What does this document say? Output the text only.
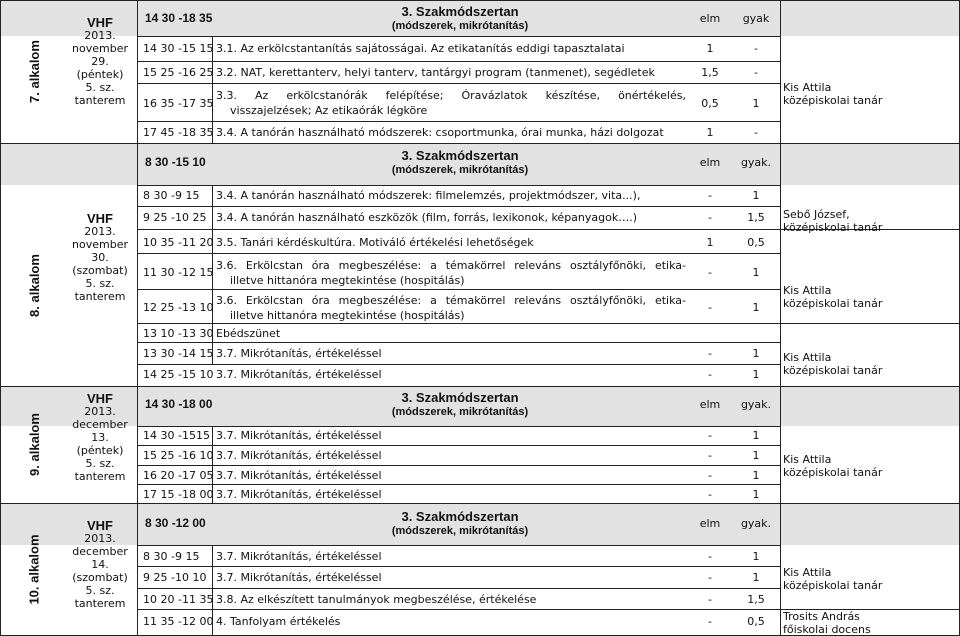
7. alkalom
VHF
2013.
november
29.
(péntek)
5. sz.
tanterem
14 30 -18 35	3. Szakmódszertan
(módszerek, mikrótanítás)
elm	gyak
14 30 -15 15 3.1. Az erkölcstantanítás sajátosságai. Az etikatanítás eddigi tapasztalatai	1	-
15 25 -16 25 3.2. NAT, kerettanterv, helyi tanterv, tantárgyi program (tanmenet), segédletek	1,5	-
16 35 -17 35
3.3. Az erkölcstanórák felépítése; Óravázlatok készítése, önértékelés,
visszajelzések; Az etikaórák légköre
0,5	1
17 45 -18 35 3.4. A tanórán használható módszerek: csoportmunka, órai munka, házi dolgozat	1	-
Kis Attila
középiskolai tanár
8. alkalom
VHF
2013.
november
30.
(szombat)
5. sz.
tanterem
8 30 -15 10	3. Szakmódszertan
(módszerek, mikrótanítás)
elm	gyak.
8 30 -9 15 3.4. A tanórán használható módszerek: filmelemzés, projektmódszer, vita...),	-	1
9 25 -10 25 3.4. A tanórán használható eszközök (film, forrás, lexikonok, képanyagok….)	-	1,5
10 35 -11 20 3.5. Tanári kérdéskultúra. Motiváló értékelési lehetőségek	1	0,5
11 30 -12 15
3.6. Erkölcstan óra megbeszélése: a témakörrel releváns osztályfőnöki, etika-
illetve hittanóra megtekintése (hospitálás)
-	1
12 25 -13 10
3.6. Erkölcstan óra megbeszélése: a témakörrel releváns osztályfőnöki, etika-
illetve hittanóra megtekintése (hospitálás)
-	1
13 10 -13 30 Ebédszünet
13 30 -14 15 3.7. Mikrótanítás, értékeléssel	-	1
14 25 -15 10 3.7. Mikrótanítás, értékeléssel	-	1
Sebő József,
középiskolai tanár
Kis Attila
középiskolai tanár
Kis Attila
középiskolai tanár
9. alkalom
VHF
2013.
december
13.
(péntek)
5. sz.
tanterem
14 30 -18 00	3. Szakmódszertan
(módszerek, mikrótanítás)
elm	gyak.
14 30 -1515 3.7. Mikrótanítás, értékeléssel	-	1
15 25 -16 10 3.7. Mikrótanítás, értékeléssel	-	1
16 20 -17 05 3.7. Mikrótanítás, értékeléssel	-	1
17 15 -18 00 3.7. Mikrótanítás, értékeléssel	-	1
Kis Attila
középiskolai tanár
10. alkalom
VHF
2013.
december
14.
(szombat)
5. sz.
tanterem
8 30 -12 00	3. Szakmódszertan
(módszerek, mikrótanítás)
elm	gyak.
8 30 -9 15 3.7. Mikrótanítás, értékeléssel	-	1
9 25 -10 10 3.7. Mikrótanítás, értékeléssel	-	1
10 20 -11 35 3.8. Az elkészített tanulmányok megbeszélése, értékelése	-	1,5
11 35 -12 00 4. Tanfolyam értékelés	-	0,5
Kis Attila
középiskolai tanár
Trosits András
főiskolai docens
